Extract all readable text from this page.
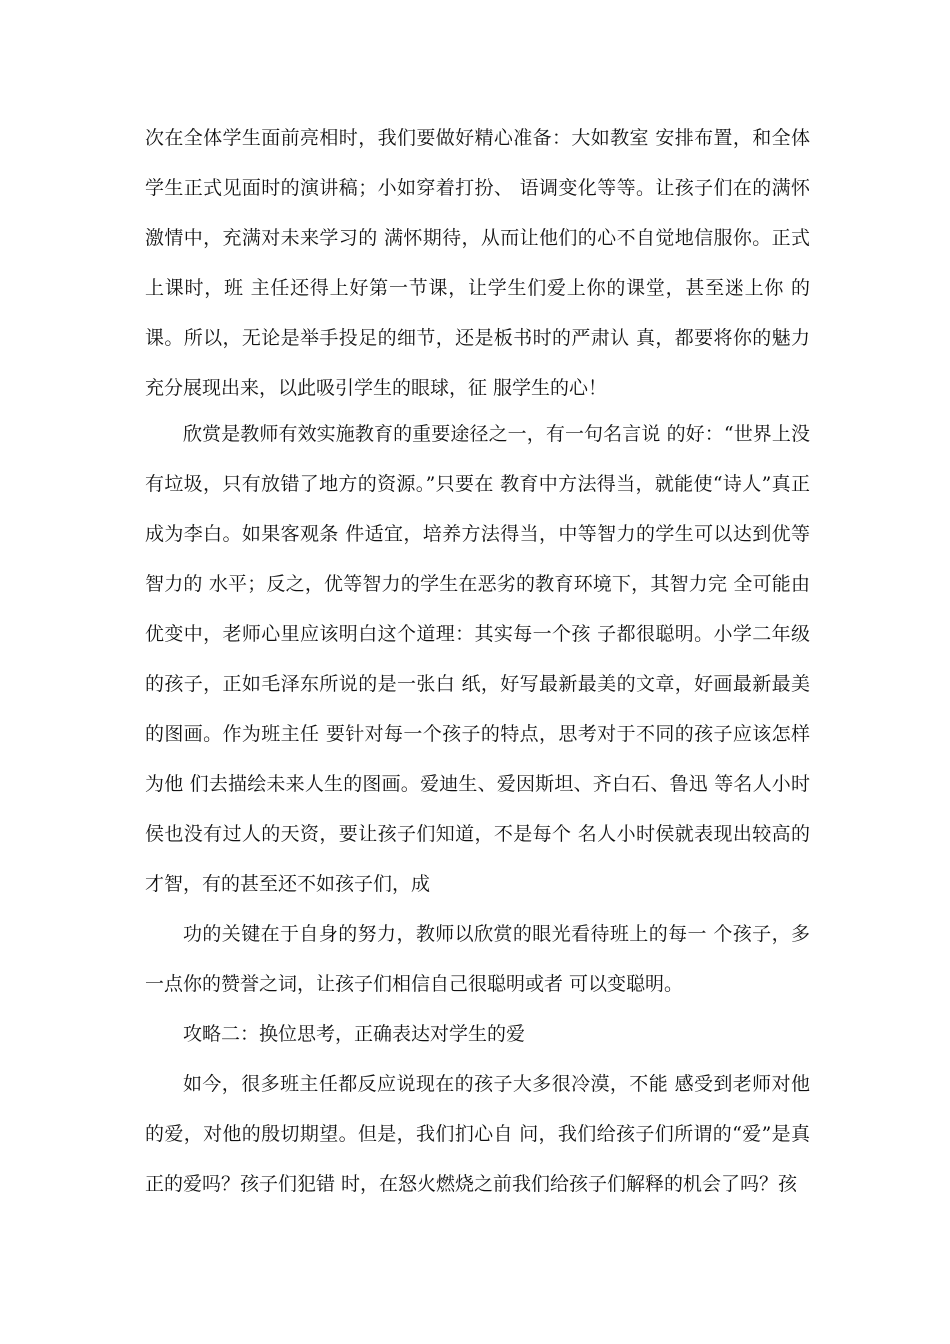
次在全体学生面前亮相时，我们要做好精心准备：大如教室 安排布置，和全体学生正式见面时的演讲稿；小如穿着打扮、 语调变化等等。让孩子们在的满怀激情中，充满对未来学习的 满怀期待，从而让他们的心不自觉地信服你。正式上课时，班 主任还得上好第一节课，让学生们爱上你的课堂，甚至迷上你 的课。所以，无论是举手投足的细节，还是板书时的严肃认 真，都要将你的魅力充分展现出来，以此吸引学生的眼球，征 服学生的心！

欣赏是教师有效实施教育的重要途径之一，有一句名言说 的好：“世界上没有垃圾，只有放错了地方的资源。”只要在 教育中方法得当，就能使“诗人”真正成为李白。如果客观条 件适宜，培养方法得当，中等智力的学生可以达到优等智力的 水平；反之，优等智力的学生在恶劣的教育环境下，其智力完 全可能由优变中，老师心里应该明白这个道理：其实每一个孩 子都很聪明。小学二年级的孩子，正如毛泽东所说的是一张白 纸，好写最新最美的文章，好画最新最美的图画。作为班主任 要针对每一个孩子的特点，思考对于不同的孩子应该怎样为他 们去描绘未来人生的图画。爱迪生、爱因斯坦、齐白石、鲁迅 等名人小时侯也没有过人的天资，要让孩子们知道，不是每个 名人小时侯就表现出较高的才智，有的甚至还不如孩子们，成

功的关键在于自身的努力，教师以欣赏的眼光看待班上的每一 个孩子，多一点你的赞誉之词，让孩子们相信自己很聪明或者 可以变聪明。

攻略二：换位思考，正确表达对学生的爱

如今，很多班主任都反应说现在的孩子大多很冷漠，不能 感受到老师对他的爱，对他的殷切期望。但是，我们扪心自 问，我们给孩子们所谓的“爱”是真正的爱吗？孩子们犯错 时，在怒火燃烧之前我们给孩子们解释的机会了吗？孩
